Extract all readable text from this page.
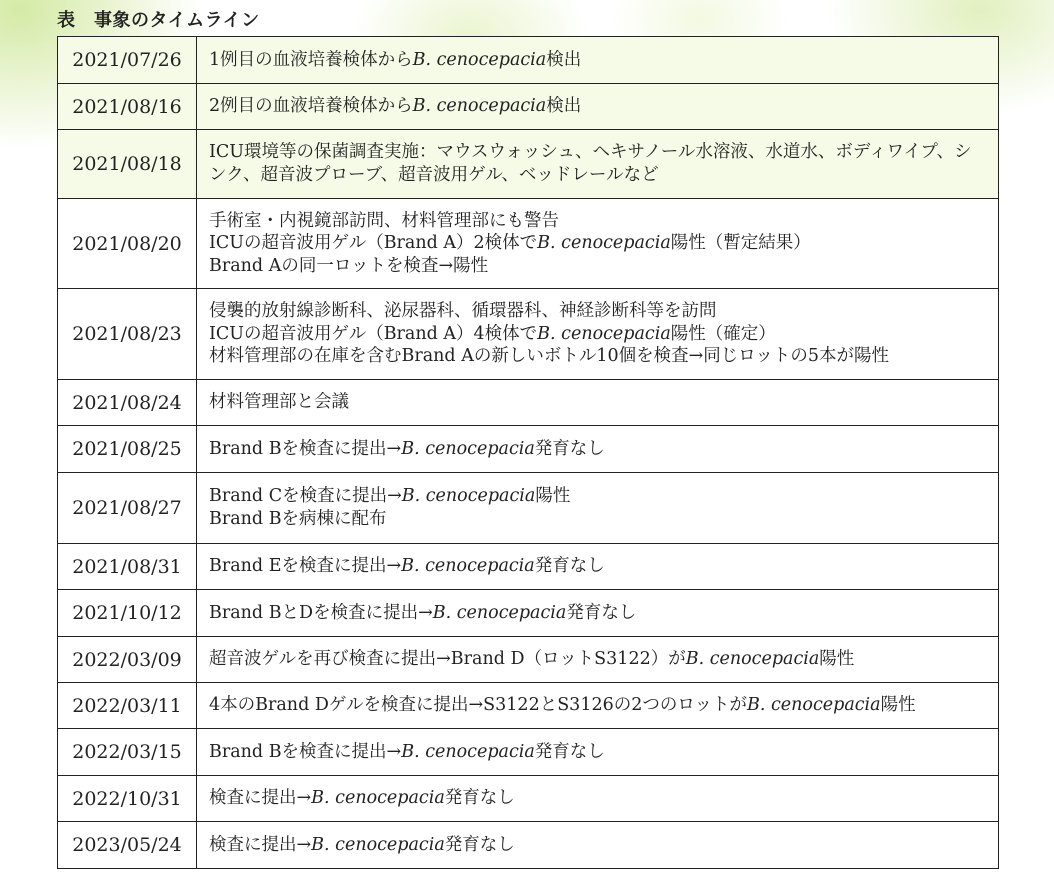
表　事象のタイムライン
2021/07/26	1例目の血液培養検体からB. cenocepacia検出

2021/08/16	2例目の血液培養検体からB. cenocepacia検出

2021/08/18	ICU環境等の保菌調査実施：マウスウォッシュ、ヘキサノール水溶液、水道水、ボディワイプ、シンク、超音波プローブ、超音波用ゲル、ベッドレールなど

2021/08/20	手術室・内視鏡部訪問、材料管理部にも警告
ICUの超音波用ゲル（Brand A）2検体でB. cenocepacia陽性（暫定結果）
Brand Aの同一ロットを検査→陽性

2021/08/23	侵襲的放射線診断科、泌尿器科、循環器科、神経診断科等を訪問
ICUの超音波用ゲル（Brand A）4検体でB. cenocepacia陽性（確定）
材料管理部の在庫を含むBrand Aの新しいボトル10個を検査→同じロットの5本が陽性

2021/08/24	材料管理部と会議

2021/08/25	Brand Bを検査に提出→B. cenocepacia発育なし

2021/08/27	Brand Cを検査に提出→B. cenocepacia陽性
Brand Bを病棟に配布

2021/08/31	Brand Eを検査に提出→B. cenocepacia発育なし

2021/10/12	Brand BとDを検査に提出→B. cenocepacia発育なし

2022/03/09	超音波ゲルを再び検査に提出→Brand D（ロットS3122）がB. cenocepacia陽性

2022/03/11	4本のBrand Dゲルを検査に提出→S3122とS3126の2つのロットがB. cenocepacia陽性

2022/03/15	Brand Bを検査に提出→B. cenocepacia発育なし

2022/10/31	検査に提出→B. cenocepacia発育なし

2023/05/24	検査に提出→B. cenocepacia発育なし
